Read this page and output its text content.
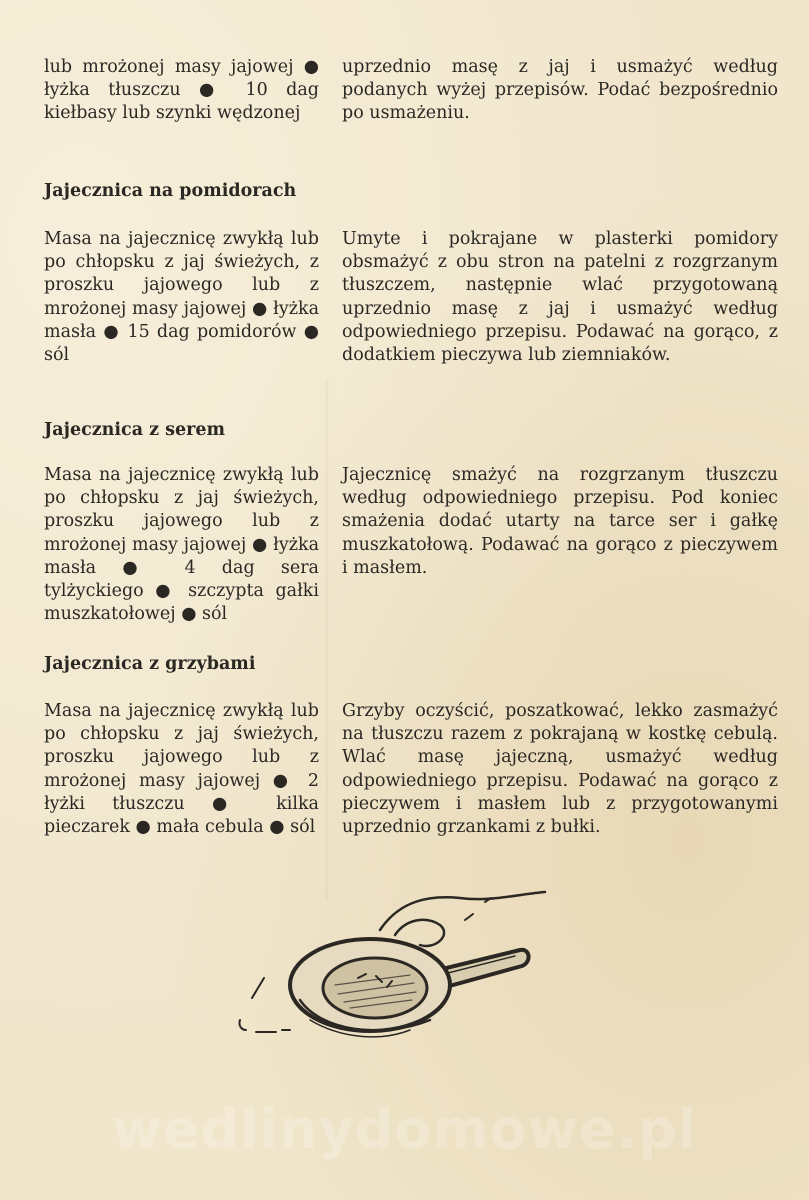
lub mrożonej masy jajowej ● łyżka tłuszczu ● 10 dag kiełbasy lub szynki wędzonej
uprzednio masę z jaj i usmażyć według podanych wyżej przepisów. Podać bezpośrednio po usmażeniu.
Jajecznica na pomidorach
Masa na jajecznicę zwykłą lub po chłopsku z jaj świeżych, z proszku jajowego lub z mrożonej masy jajowej ● łyżka masła ● 15 dag pomidorów ● sól
Umyte i pokrajane w plasterki pomidory obsmażyć z obu stron na patelni z rozgrzanym tłuszczem, następnie wlać przygotowaną uprzednio masę z jaj i usmażyć według odpowiedniego przepisu. Podawać na gorąco, z dodatkiem pieczywa lub ziemniaków.
Jajecznica z serem
Masa na jajecznicę zwykłą lub po chłopsku z jaj świeżych, proszku jajowego lub z mrożonej masy jajowej ● łyżka masła ● 4 dag sera tylżyckiego ● szczypta gałki muszkatołowej ● sól
Jajecznicę smażyć na rozgrzanym tłuszczu według odpowiedniego przepisu. Pod koniec smażenia dodać utarty na tarce ser i gałkę muszkatołową. Podawać na gorąco z pieczywem i masłem.
Jajecznica z grzybami
Masa na jajecznicę zwykłą lub po chłopsku z jaj świeżych, proszku jajowego lub z mrożonej masy jajowej ● 2 łyżki tłuszczu ● kilka pieczarek ● mała cebula ● sól
Grzyby oczyścić, poszatkować, lekko zasmażyć na tłuszczu razem z pokrajaną w kostkę cebulą. Wlać masę jajeczną, usmażyć według odpowiedniego przepisu. Podawać na gorąco z pieczywem i masłem lub z przygotowanymi uprzednio grzankami z bułki.
wedlinydomowe.pl
